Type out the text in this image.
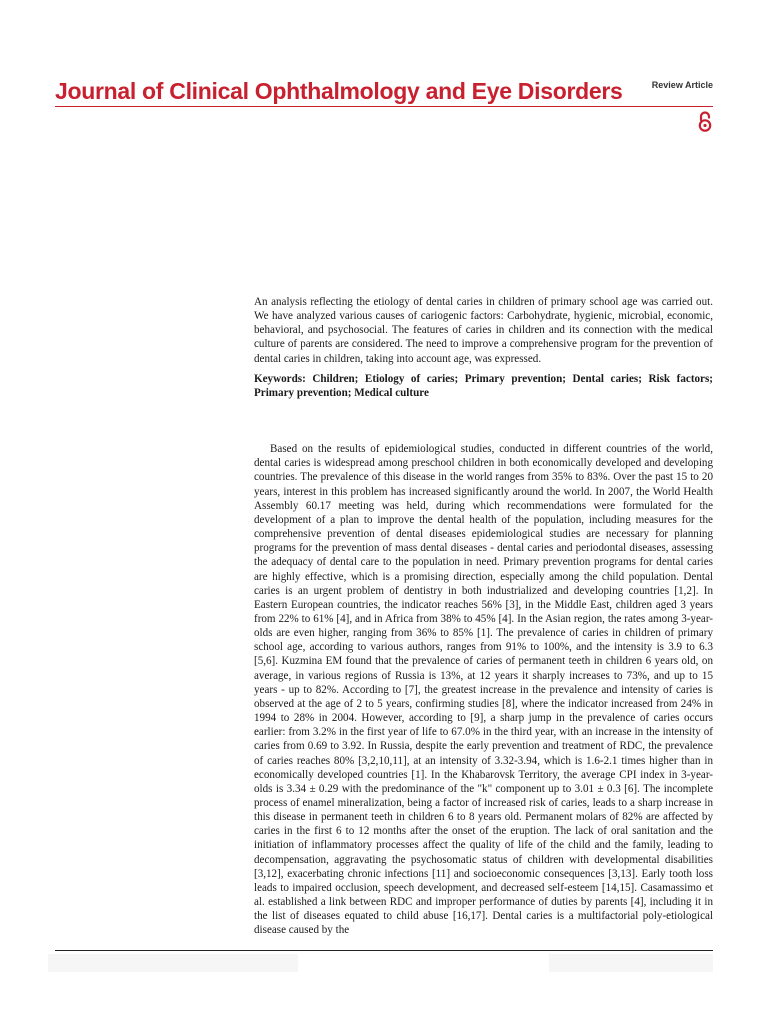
Journal of Clinical Ophthalmology and Eye Disorders	Review Article

An analysis reflecting the etiology of dental caries in children of primary school age was carried out. We have analyzed various causes of cariogenic factors: Carbohydrate, hygienic, microbial, economic, behavioral, and psychosocial. The features of caries in children and its connection with the medical culture of parents are considered. The need to improve a comprehensive program for the prevention of dental caries in children, taking into account age, was expressed.

Keywords: Children; Etiology of caries; Primary prevention; Dental caries; Risk factors; Primary prevention; Medical culture

Based on the results of epidemiological studies, conducted in different countries of the world, dental caries is widespread among preschool children in both economically developed and developing countries. The prevalence of this disease in the world ranges from 35% to 83%. Over the past 15 to 20 years, interest in this problem has increased significantly around the world. In 2007, the World Health Assembly 60.17 meeting was held, during which recommendations were formulated for the development of a plan to improve the dental health of the population, including measures for the comprehensive prevention of dental diseases epidemiological studies are necessary for planning programs for the prevention of mass dental diseases - dental caries and periodontal diseases, assessing the adequacy of dental care to the population in need. Primary prevention programs for dental caries are highly effective, which is a promising direction, especially among the child population. Dental caries is an urgent problem of dentistry in both industrialized and developing countries [1,2]. In Eastern European countries, the indicator reaches 56% [3], in the Middle East, children aged 3 years from 22% to 61% [4], and in Africa from 38% to 45% [4]. In the Asian region, the rates among 3-year-olds are even higher, ranging from 36% to 85% [1]. The prevalence of caries in children of primary school age, according to various authors, ranges from 91% to 100%, and the intensity is 3.9 to 6.3 [5,6]. Kuzmina EM found that the prevalence of caries of permanent teeth in children 6 years old, on average, in various regions of Russia is 13%, at 12 years it sharply increases to 73%, and up to 15 years - up to 82%. According to [7], the greatest increase in the prevalence and intensity of caries is observed at the age of 2 to 5 years, confirming studies [8], where the indicator increased from 24% in 1994 to 28% in 2004. However, according to [9], a sharp jump in the prevalence of caries occurs earlier: from 3.2% in the first year of life to 67.0% in the third year, with an increase in the intensity of caries from 0.69 to 3.92. In Russia, despite the early prevention and treatment of RDC, the prevalence of caries reaches 80% [3,2,10,11], at an intensity of 3.32-3.94, which is 1.6-2.1 times higher than in economically developed countries [1]. In the Khabarovsk Territory, the average CPI index in 3-year-olds is 3.34 ± 0.29 with the predominance of the "k" component up to 3.01 ± 0.3 [6]. The incomplete process of enamel mineralization, being a factor of increased risk of caries, leads to a sharp increase in this disease in permanent teeth in children 6 to 8 years old. Permanent molars of 82% are affected by caries in the first 6 to 12 months after the onset of the eruption. The lack of oral sanitation and the initiation of inflammatory processes affect the quality of life of the child and the family, leading to decompensation, aggravating the psychosomatic status of children with developmental disabilities [3,12], exacerbating chronic infections [11] and socioeconomic consequences [3,13]. Early tooth loss leads to impaired occlusion, speech development, and decreased self-esteem [14,15]. Casamassimo et al. established a link between RDC and improper performance of duties by parents [4], including it in the list of diseases equated to child abuse [16,17]. Dental caries is a multifactorial poly-etiological disease caused by the
